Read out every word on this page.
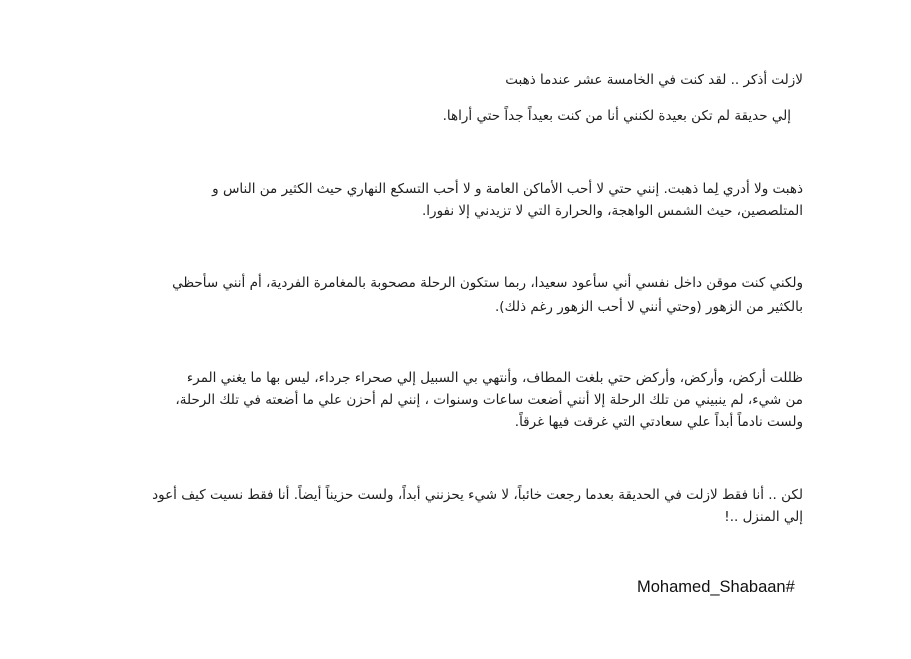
لازلت أذكر .. لقد كنت في الخامسة عشر عندما ذهبت
إلي حديقة لم تكن بعيدة لكنني أنا من كنت بعيداً جداً حتي أراها.
ذهبت ولا أدري لِما ذهبت. إنني حتي لا أحب الأماكن العامة و لا أحب التسكع النهاري حيث الكثير من الناس و
المتلصصين، حيث الشمس الواهجة، والحرارة التي لا تزيدني إلا نفورا.
ولكني كنت موقن داخل نفسي أني سأعود سعيدا، ربما ستكون الرحلة مصحوبة بالمغامرة الفردية، أم أنني سأحظي
بالكثير من الزهور (وحتي أنني لا أحب الزهور رغم ذلك).
ظللت أركض، وأركض، وأركض حتي بلغت المطاف، وأنتهي بي السبيل إلي صحراء جرداء، ليس بها ما يغني المرء
من شيء، لم ينبيني من تلك الرحلة إلا أنني أضعت ساعات وسنوات ، إنني لم أحزن علي ما أضعته في تلك الرحلة،
ولست نادماً أبداً علي سعادتي التي غرقت فيها غرقاً.
لكن .. أنا فقط لازلت في الحديقة بعدما رجعت خائباً، لا شيء يحزنني أبداً، ولست حزيناً أيضاً. أنا فقط نسيت كيف أعود
إلي المنزل ..!
Mohamed_Shabaan#
